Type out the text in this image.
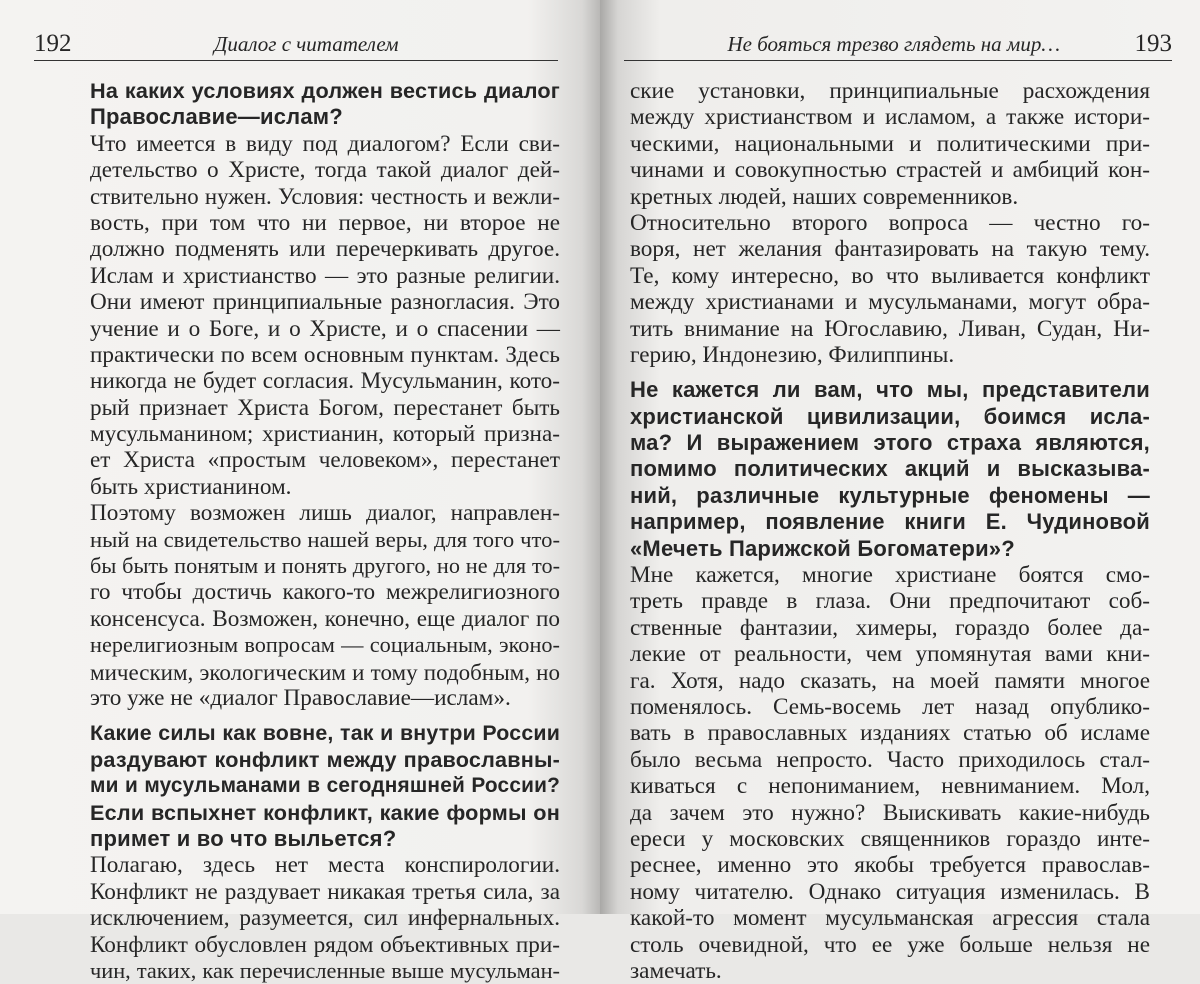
192	Диалог с читателем
На каких условиях должен вестись диалог
Православие—ислам?
Что имеется в виду под диалогом? Если сви-
детельство о Христе, тогда такой диалог дей-
ствительно нужен. Условия: честность и вежли-
вость, при том что ни первое, ни второе не
должно подменять или перечеркивать другое.
Ислам и христианство — это разные религии.
Они имеют принципиальные разногласия. Это
учение и о Боге, и о Христе, и о спасении —
практически по всем основным пунктам. Здесь
никогда не будет согласия. Мусульманин, кото-
рый признает Христа Богом, перестанет быть
мусульманином; христианин, который призна-
ет Христа «простым человеком», перестанет
быть христианином.
Поэтому возможен лишь диалог, направлен-
ный на свидетельство нашей веры, для того что-
бы быть понятым и понять другого, но не для то-
го чтобы достичь какого-то межрелигиозного
консенсуса. Возможен, конечно, еще диалог по
нерелигиозным вопросам — социальным, эконо-
мическим, экологическим и тому подобным, но
это уже не «диалог Православие—ислам».
Какие силы как вовне, так и внутри России
раздувают конфликт между православны-
ми и мусульманами в сегодняшней России?
Если вспыхнет конфликт, какие формы он
примет и во что выльется?
Полагаю, здесь нет места конспирологии.
Конфликт не раздувает никакая третья сила, за
исключением, разумеется, сил инфернальных.
Конфликт обусловлен рядом объективных при-
чин, таких, как перечисленные выше мусульман-
Не бояться трезво глядеть на мир…	193
ские установки, принципиальные расхождения
между христианством и исламом, а также истори-
ческими, национальными и политическими при-
чинами и совокупностью страстей и амбиций кон-
кретных людей, наших современников.
Относительно второго вопроса — честно го-
воря, нет желания фантазировать на такую тему.
Те, кому интересно, во что выливается конфликт
между христианами и мусульманами, могут обра-
тить внимание на Югославию, Ливан, Судан, Ни-
герию, Индонезию, Филиппины.
Не кажется ли вам, что мы, представители
христианской цивилизации, боимся исла-
ма? И выражением этого страха являются,
помимо политических акций и высказыва-
ний, различные культурные феномены —
например, появление книги Е. Чудиновой
«Мечеть Парижской Богоматери»?
Мне кажется, многие христиане боятся смо-
треть правде в глаза. Они предпочитают соб-
ственные фантазии, химеры, гораздо более да-
лекие от реальности, чем упомянутая вами кни-
га. Хотя, надо сказать, на моей памяти многое
поменялось. Семь-восемь лет назад опублико-
вать в православных изданиях статью об исламе
было весьма непросто. Часто приходилось стал-
киваться с непониманием, невниманием. Мол,
да зачем это нужно? Выискивать какие-нибудь
ереси у московских священников гораздо инте-
реснее, именно это якобы требуется православ-
ному читателю. Однако ситуация изменилась. В
какой-то момент мусульманская агрессия стала
столь очевидной, что ее уже больше нельзя не
замечать.
